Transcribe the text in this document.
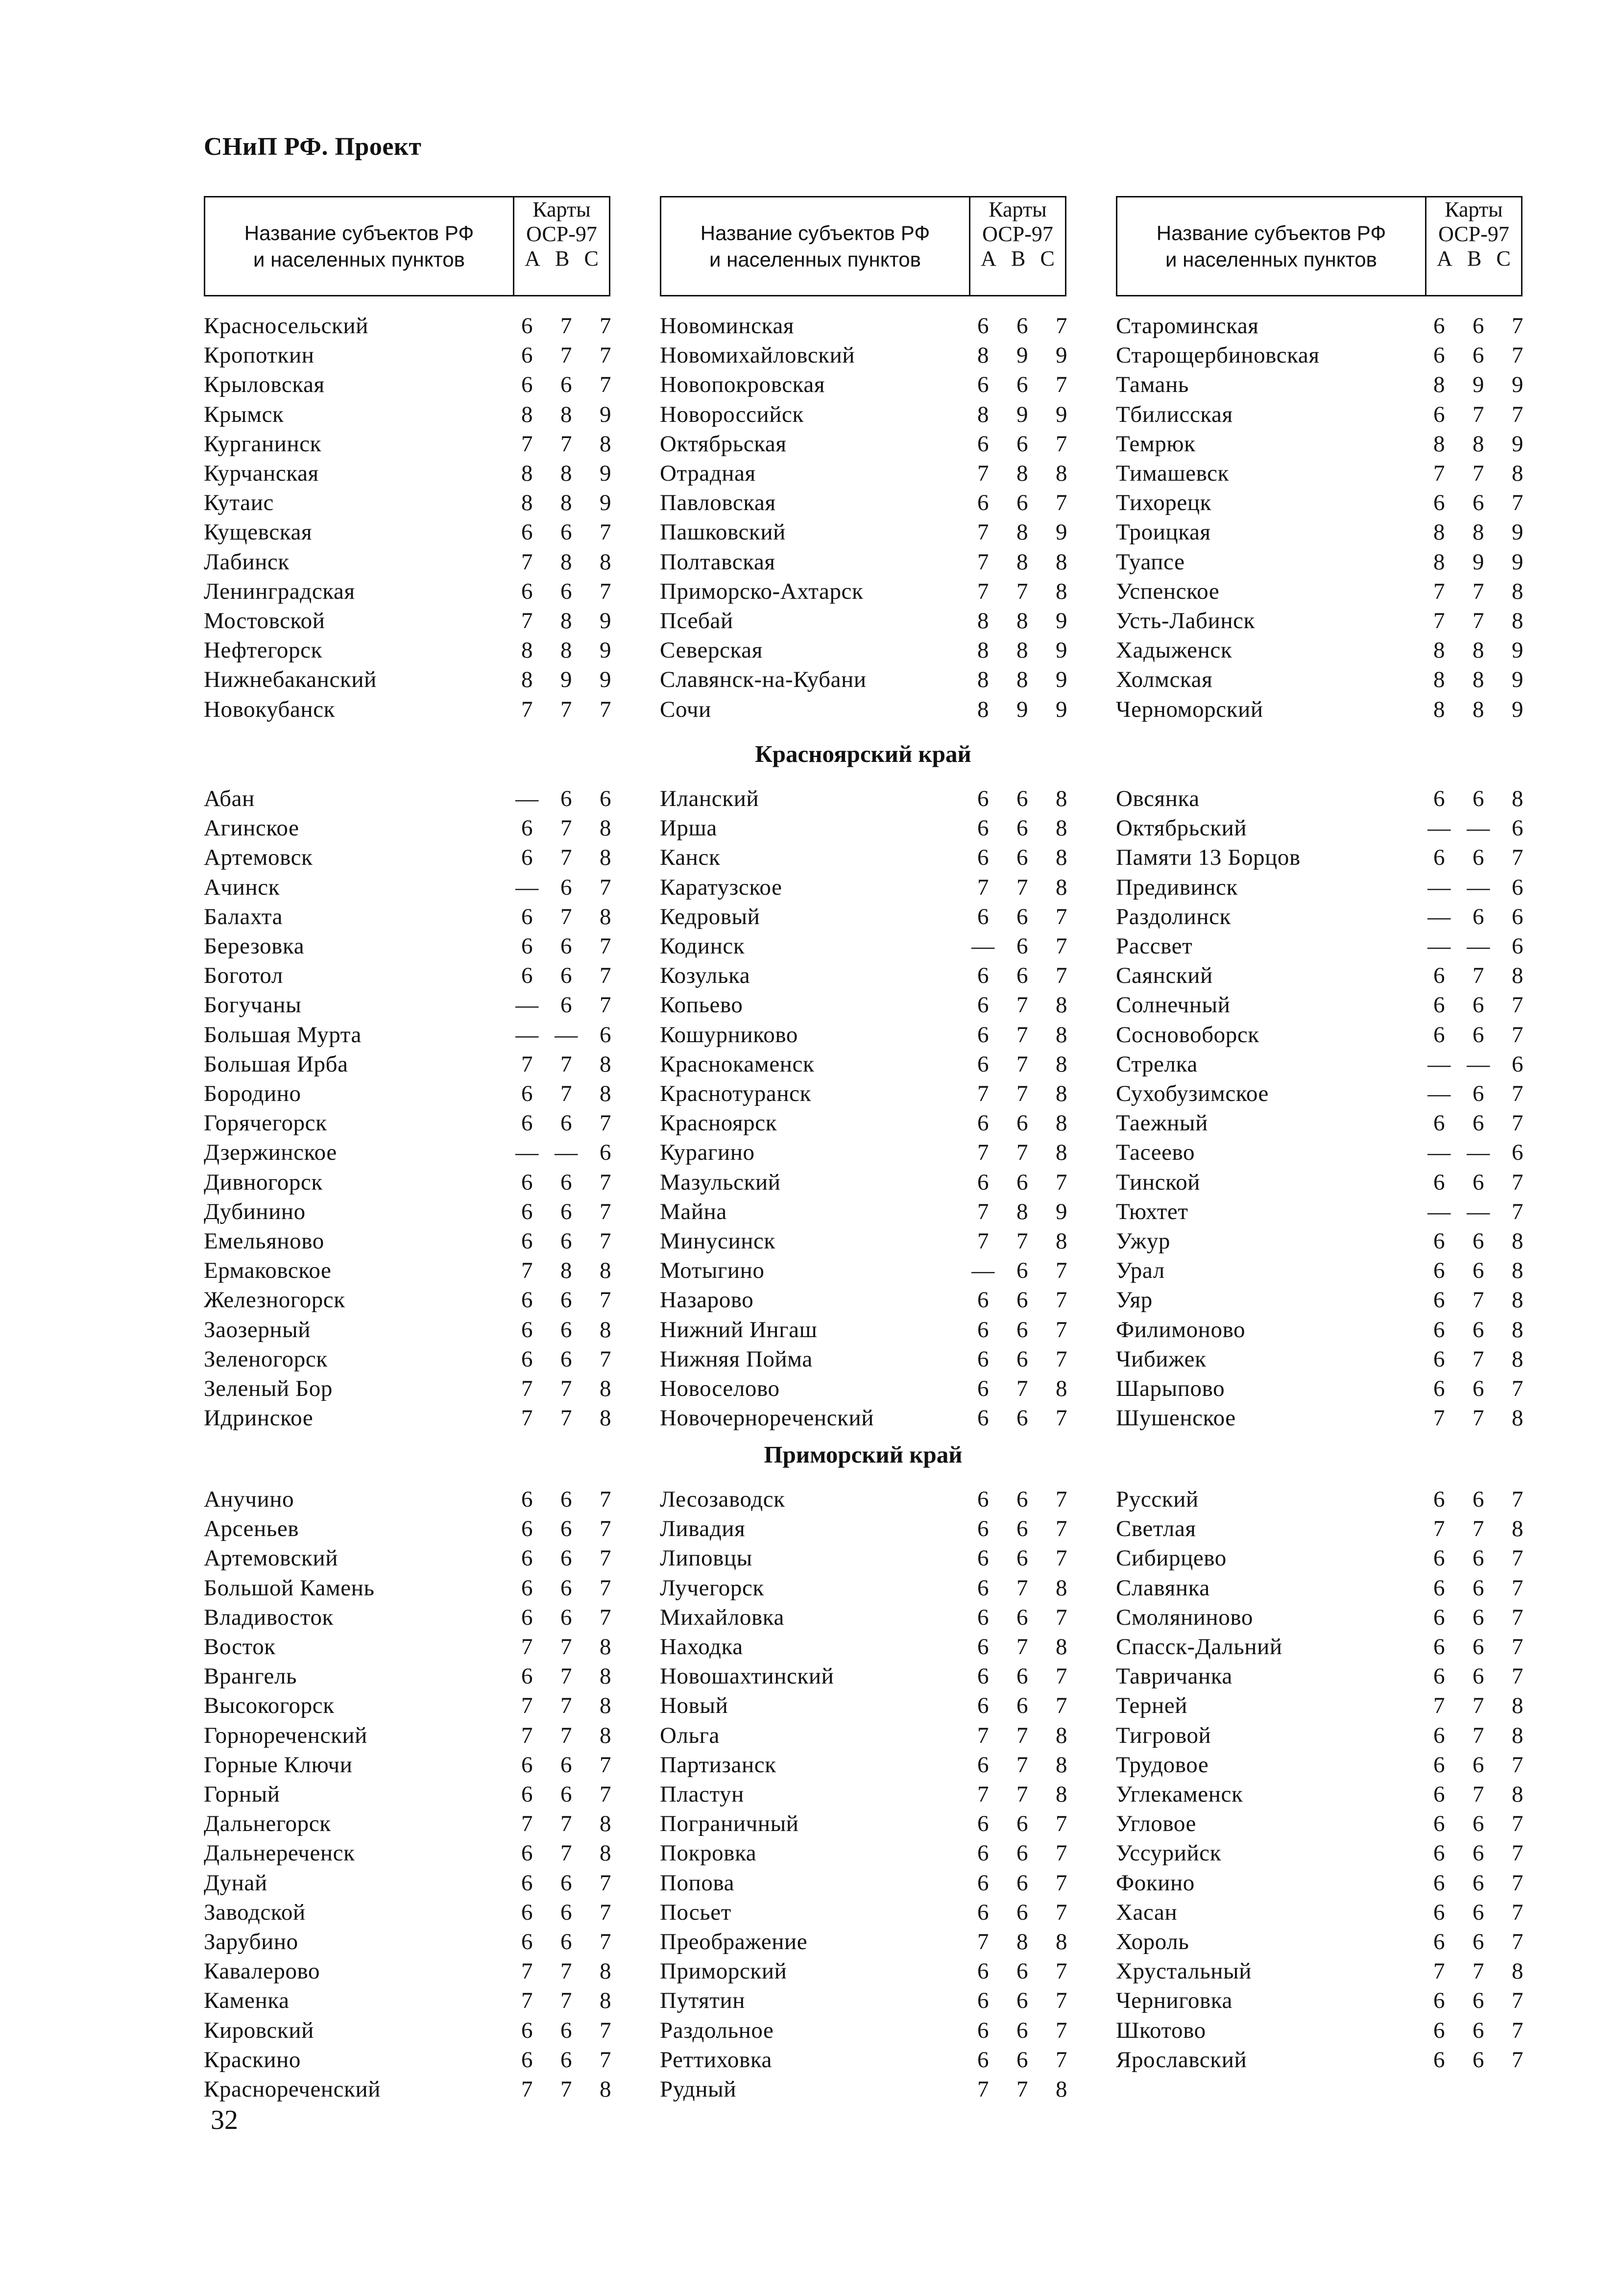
СНиП РФ. Проект
Название субъектов РФ
и населенных пунктов
Карты
ОСР-97
А В С
Название субъектов РФ
и населенных пунктов
Карты
ОСР-97
А В С
Название субъектов РФ
и населенных пунктов
Карты
ОСР-97
А В С
Красносельский	6	7	7
Кропоткин	6	7	7
Крыловская	6	6	7
Крымск	8	8	9
Курганинск	7	7	8
Курчанская	8	8	9
Кутаис	8	8	9
Кущевская	6	6	7
Лабинск	7	8	8
Ленинградская	6	6	7
Мостовской	7	8	9
Нефтегорск	8	8	9
Нижнебаканский	8	9	9
Новокубанск	7	7	7
Новоминская	6	6	7
Новомихайловский	8	9	9
Новопокровская	6	6	7
Новороссийск	8	9	9
Октябрьская	6	6	7
Отрадная	7	8	8
Павловская	6	6	7
Пашковский	7	8	9
Полтавская	7	8	8
Приморско-Ахтарск	7	7	8
Псебай	8	8	9
Северская	8	8	9
Славянск-на-Кубани	8	8	9
Сочи	8	9	9
Староминская	6	6	7
Старощербиновская	6	6	7
Тамань	8	9	9
Тбилисская	6	7	7
Темрюк	8	8	9
Тимашевск	7	7	8
Тихорецк	6	6	7
Троицкая	8	8	9
Туапсе	8	9	9
Успенское	7	7	8
Усть-Лабинск	7	7	8
Хадыженск	8	8	9
Холмская	8	8	9
Черноморский	8	8	9
Красноярский край
Абан	— 6	6
Агинское	6	7	8
Артемовск	6	7	8
Ачинск	— 6	7
Балахта	6	7	8
Березовка	6	6	7
Боготол	6	6	7
Богучаны	— 6	7
Большая Мурта	— — 6
Большая Ирба	7	7	8
Бородино	6	7	8
Горячегорск	6	6	7
Дзержинское	— — 6
Дивногорск	6	6	7
Дубинино	6	6	7
Емельяново	6	6	7
Ермаковское	7	8	8
Железногорск	6	6	7
Заозерный	6	6	8
Зеленогорск	6	6	7
Зеленый Бор	7	7	8
Идринское	7	7	8
Иланский	6	6	8
Ирша	6	6	8
Канск	6	6	8
Каратузское	7	7	8
Кедровый	6	6	7
Кодинск	— 6	7
Козулька	6	6	7
Копьево	6	7	8
Кошурниково	6	7	8
Краснокаменск	6	7	8
Краснотуранск	7	7	8
Красноярск	6	6	8
Курагино	7	7	8
Мазульский	6	6	7
Майна	7	8	9
Минусинск	7	7	8
Мотыгино	— 6	7
Назарово	6	6	7
Нижний Ингаш	6	6	7
Нижняя Пойма	6	6	7
Новоселово	6	7	8
Новочернорeченский	6	6	7
Овсянка	6	6	8
Октябрьский	— — 6
Памяти 13 Борцов	6	6	7
Предивинск	— — 6
Раздолинск	— 6	6
Рассвет	— — 6
Саянский	6	7	8
Солнечный	6	6	7
Сосновоборск	6	6	7
Стрелка	— — 6
Сухобузимское	— 6	7
Таежный	6	6	7
Тасеево	— — 6
Тинской	6	6	7
Тюхтет	— — 7
Ужур	6	6	8
Урал	6	6	8
Уяр	6	7	8
Филимоново	6	6	8
Чибижек	6	7	8
Шарыпово	6	6	7
Шушенское	7	7	8
Приморский край
Анучино	6	6	7
Арсеньев	6	6	7
Артемовский	6	6	7
Большой Камень	6	6	7
Владивосток	6	6	7
Восток	7	7	8
Врангель	6	7	8
Высокогорск	7	7	8
Горнореченский	7	7	8
Горные Ключи	6	6	7
Горный	6	6	7
Дальнегорск	7	7	8
Дальнереченск	6	7	8
Дунай	6	6	7
Заводской	6	6	7
Зарубино	6	6	7
Кавалерово	7	7	8
Каменка	7	7	8
Кировский	6	6	7
Краскино	6	6	7
Краснореченский	7	7	8
Лесозаводск	6	6	7
Ливадия	6	6	7
Липовцы	6	6	7
Лучегорск	6	7	8
Михайловка	6	6	7
Находка	6	7	8
Новошахтинский	6	6	7
Новый	6	6	7
Ольга	7	7	8
Партизанск	6	7	8
Пластун	7	7	8
Пограничный	6	6	7
Покровка	6	6	7
Попова	6	6	7
Посьет	6	6	7
Преображение	7	8	8
Приморский	6	6	7
Путятин	6	6	7
Раздольное	6	6	7
Реттиховка	6	6	7
Рудный	7	7	8
Русский	6	6	7
Светлая	7	7	8
Сибирцево	6	6	7
Славянка	6	6	7
Смоляниново	6	6	7
Спасск-Дальний	6	6	7
Тавричанка	6	6	7
Терней	7	7	8
Тигровой	6	7	8
Трудовое	6	6	7
Углекаменск	6	7	8
Угловое	6	6	7
Уссурийск	6	6	7
Фокино	6	6	7
Хасан	6	6	7
Хороль	6	6	7
Хрустальный	7	7	8
Черниговка	6	6	7
Шкотово	6	6	7
Ярославский	6	6	7
32
